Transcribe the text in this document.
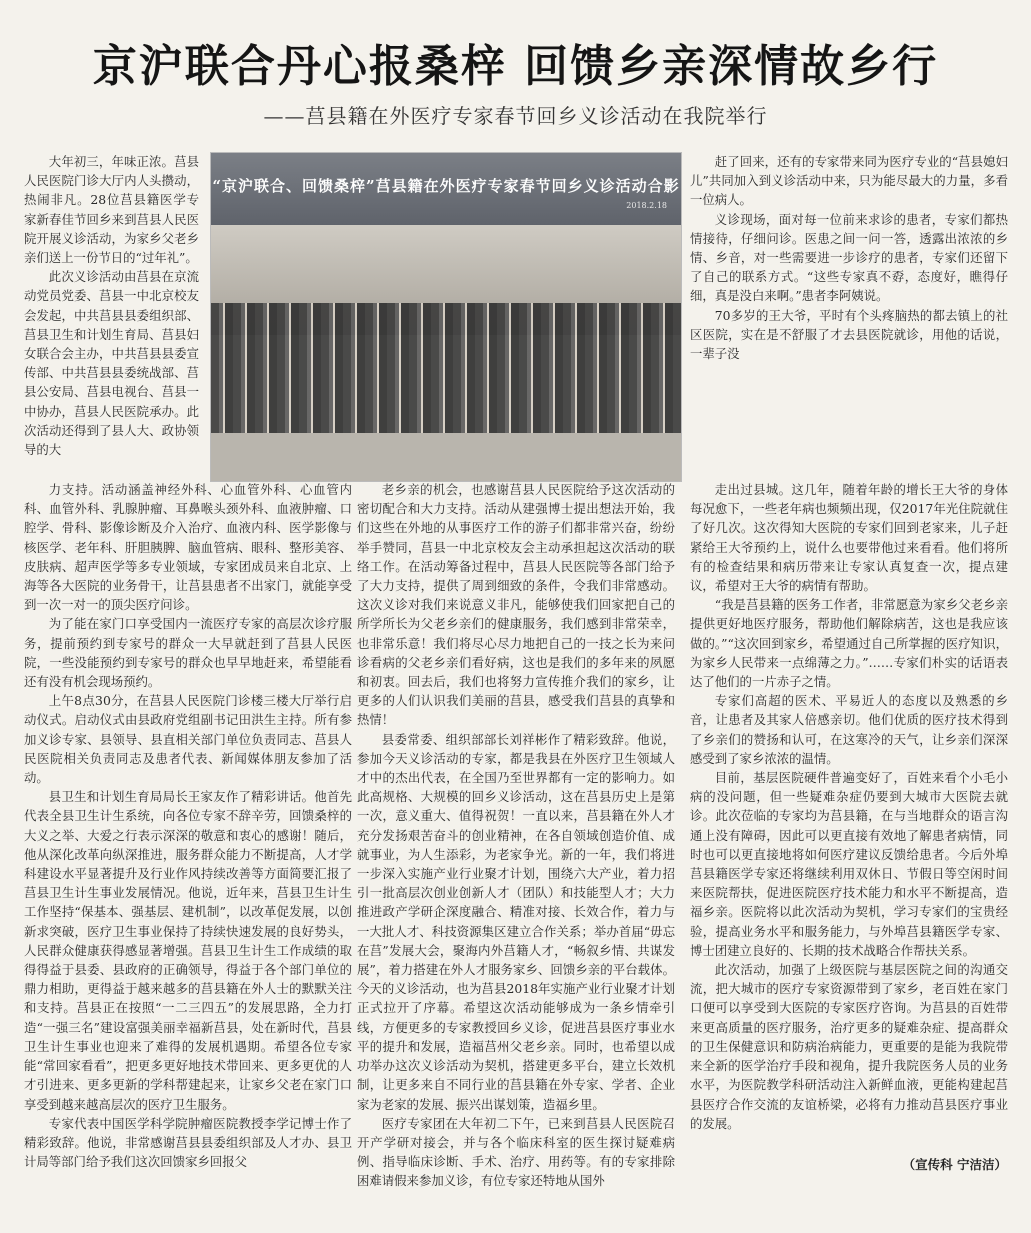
京沪联合丹心报桑梓 回馈乡亲深情故乡行
——莒县籍在外医疗专家春节回乡义诊活动在我院举行
“京沪联合、回馈桑梓”莒县籍在外医疗专家春节回乡义诊活动合影
2018.2.18

大年初三，年味正浓。莒县人民医院门诊大厅内人头攒动，热闹非凡。28位莒县籍医学专家新春佳节回乡来到莒县人民医院开展义诊活动，为家乡父老乡亲们送上一份节日的“过年礼”。

此次义诊活动由莒县在京流动党员党委、莒县一中北京校友会发起，中共莒县县委组织部、莒县卫生和计划生育局、莒县妇女联合会主办，中共莒县县委宣传部、中共莒县县委统战部、莒县公安局、莒县电视台、莒县一中协办，莒县人民医院承办。此次活动还得到了县人大、政协领导的大

力支持。活动涵盖神经外科、心血管外科、心血管内科、血管外科、乳腺肿瘤、耳鼻喉头颈外科、血液肿瘤、口腔学、骨科、影像诊断及介入治疗、血液内科、医学影像与核医学、老年科、肝胆胰脾、脑血管病、眼科、整形美容、皮肤病、超声医学等多专业领域，专家团成员来自北京、上海等各大医院的业务骨干，让莒县患者不出家门，就能享受到一次一对一的顶尖医疗问诊。

为了能在家门口享受国内一流医疗专家的高层次诊疗服务，提前预约到专家号的群众一大早就赶到了莒县人民医院，一些没能预约到专家号的群众也早早地赶来，希望能看还有没有机会现场预约。

上午8点30分，在莒县人民医院门诊楼三楼大厅举行启动仪式。启动仪式由县政府党组副书记田洪生主持。所有参加义诊专家、县领导、县直相关部门单位负责同志、莒县人民医院相关负责同志及患者代表、新闻媒体朋友参加了活动。

县卫生和计划生育局局长王家友作了精彩讲话。他首先代表全县卫生计生系统，向各位专家不辞辛劳，回馈桑梓的大义之举、大爱之行表示深深的敬意和衷心的感谢！随后，他从深化改革向纵深推进，服务群众能力不断提高，人才学科建设水平显著提升及行业作风持续改善等方面简要汇报了莒县卫生计生事业发展情况。他说，近年来，莒县卫生计生工作坚持“保基本、强基层、建机制”，以改革促发展，以创新求突破，医疗卫生事业保持了持续快速发展的良好势头，人民群众健康获得感显著增强。莒县卫生计生工作成绩的取得得益于县委、县政府的正确领导，得益于各个部门单位的鼎力相助，更得益于越来越多的莒县籍在外人士的默默关注和支持。莒县正在按照“一二三四五”的发展思路，全力打造“一强三名”建设富强美丽幸福新莒县，处在新时代，莒县卫生计生事业也迎来了难得的发展机遇期。希望各位专家能“常回家看看”，把更多更好地技术带回来、更多更优的人才引进来、更多更新的学科帮建起来，让家乡父老在家门口享受到越来越高层次的医疗卫生服务。

专家代表中国医学科学院肿瘤医院教授李学记博士作了精彩致辞。他说，非常感谢莒县县委组织部及人才办、县卫计局等部门给予我们这次回馈家乡回报父

老乡亲的机会，也感谢莒县人民医院给予这次活动的密切配合和大力支持。活动从建强博士提出想法开始，我们这些在外地的从事医疗工作的游子们都非常兴奋，纷纷举手赞同，莒县一中北京校友会主动承担起这次活动的联络工作。在活动筹备过程中，莒县人民医院等各部门给予了大力支持，提供了周到细致的条件，令我们非常感动。这次义诊对我们来说意义非凡，能够使我们回家把自己的所学所长为父老乡亲们的健康服务，我们感到非常荣幸，也非常乐意！我们将尽心尽力地把自己的一技之长为来问诊看病的父老乡亲们看好病，这也是我们的多年来的夙愿和初衷。回去后，我们也将努力宣传推介我们的家乡，让更多的人们认识我们美丽的莒县，感受我们莒县的真挚和热情！

县委常委、组织部部长刘祥彬作了精彩致辞。他说，参加今天义诊活动的专家，都是我县在外医疗卫生领域人才中的杰出代表，在全国乃至世界都有一定的影响力。如此高规格、大规模的回乡义诊活动，这在莒县历史上是第一次，意义重大、值得祝贺！一直以来，莒县籍在外人才充分发扬艰苦奋斗的创业精神，在各自领域创造价值、成就事业，为人生添彩，为老家争光。新的一年，我们将进一步深入实施产业行业聚才计划，围绕六大产业，着力招引一批高层次创业创新人才（团队）和技能型人才；大力推进政产学研企深度融合、精准对接、长效合作，着力与一大批人才、科技资源集区建立合作关系；举办首届“毋忘在莒”发展大会，聚海内外莒籍人才，“畅叙乡情、共谋发展”，着力搭建在外人才服务家乡、回馈乡亲的平台载体。今天的义诊活动，也为莒县2018年实施产业行业聚才计划正式拉开了序幕。希望这次活动能够成为一条乡情牵引线，方便更多的专家教授回乡义诊，促进莒县医疗事业水平的提升和发展，造福莒州父老乡亲。同时，也希望以成功举办这次义诊活动为契机，搭建更多平台，建立长效机制，让更多来自不同行业的莒县籍在外专家、学者、企业家为老家的发展、振兴出谋划策，造福乡里。

医疗专家团在大年初二下午，已来到莒县人民医院召开产学研对接会，并与各个临床科室的医生探讨疑难病例、指导临床诊断、手术、治疗、用药等。有的专家排除困难请假来参加义诊，有位专家还特地从国外

赶了回来，还有的专家带来同为医疗专业的“莒县媳妇儿”共同加入到义诊活动中来，只为能尽最大的力量，多看一位病人。

义诊现场，面对每一位前来求诊的患者，专家们都热情接待，仔细问诊。医患之间一问一答，透露出浓浓的乡情、乡音，对一些需要进一步诊疗的患者，专家们还留下了自己的联系方式。“这些专家真不孬，态度好，瞧得仔细，真是没白来啊。”患者李阿姨说。

70多岁的王大爷，平时有个头疼脑热的都去镇上的社区医院，实在是不舒服了才去县医院就诊，用他的话说，一辈子没

走出过县城。这几年，随着年龄的增长王大爷的身体每况愈下，一些老年病也频频出现，仅2017年光住院就住了好几次。这次得知大医院的专家们回到老家来，儿子赶紧给王大爷预约上，说什么也要带他过来看看。他们将所有的检查结果和病历带来让专家认真复查一次，提点建议，希望对王大爷的病情有帮助。

“我是莒县籍的医务工作者，非常愿意为家乡父老乡亲提供更好地医疗服务，帮助他们解除病苦，这也是我应该做的。”“这次回到家乡，希望通过自己所掌握的医疗知识，为家乡人民带来一点绵薄之力。”……专家们朴实的话语表达了他们的一片赤子之情。

专家们高超的医术、平易近人的态度以及熟悉的乡音，让患者及其家人倍感亲切。他们优质的医疗技术得到了乡亲们的赞扬和认可，在这寒冷的天气，让乡亲们深深感受到了家乡浓浓的温情。

目前，基层医院硬件普遍变好了，百姓来看个小毛小病的没问题，但一些疑难杂症仍要到大城市大医院去就诊。此次莅临的专家均为莒县籍，在与当地群众的语言沟通上没有障碍，因此可以更直接有效地了解患者病情，同时也可以更直接地将如何医疗建议反馈给患者。今后外埠莒县籍医学专家还将继续利用双休日、节假日等空闲时间来医院帮扶，促进医院医疗技术能力和水平不断提高，造福乡亲。医院将以此次活动为契机，学习专家们的宝贵经验，提高业务水平和服务能力，与外埠莒县籍医学专家、博士团建立良好的、长期的技术战略合作帮扶关系。

此次活动，加强了上级医院与基层医院之间的沟通交流，把大城市的医疗专家资源带到了家乡，老百姓在家门口便可以享受到大医院的专家医疗咨询。为莒县的百姓带来更高质量的医疗服务，治疗更多的疑难杂症、提高群众的卫生保健意识和防病治病能力，更重要的是能为我院带来全新的医学治疗手段和视角，提升我院医务人员的业务水平，为医院教学科研活动注入新鲜血液，更能构建起莒县医疗合作交流的友谊桥梁，必将有力推动莒县医疗事业的发展。

（宣传科 宁洁洁）
